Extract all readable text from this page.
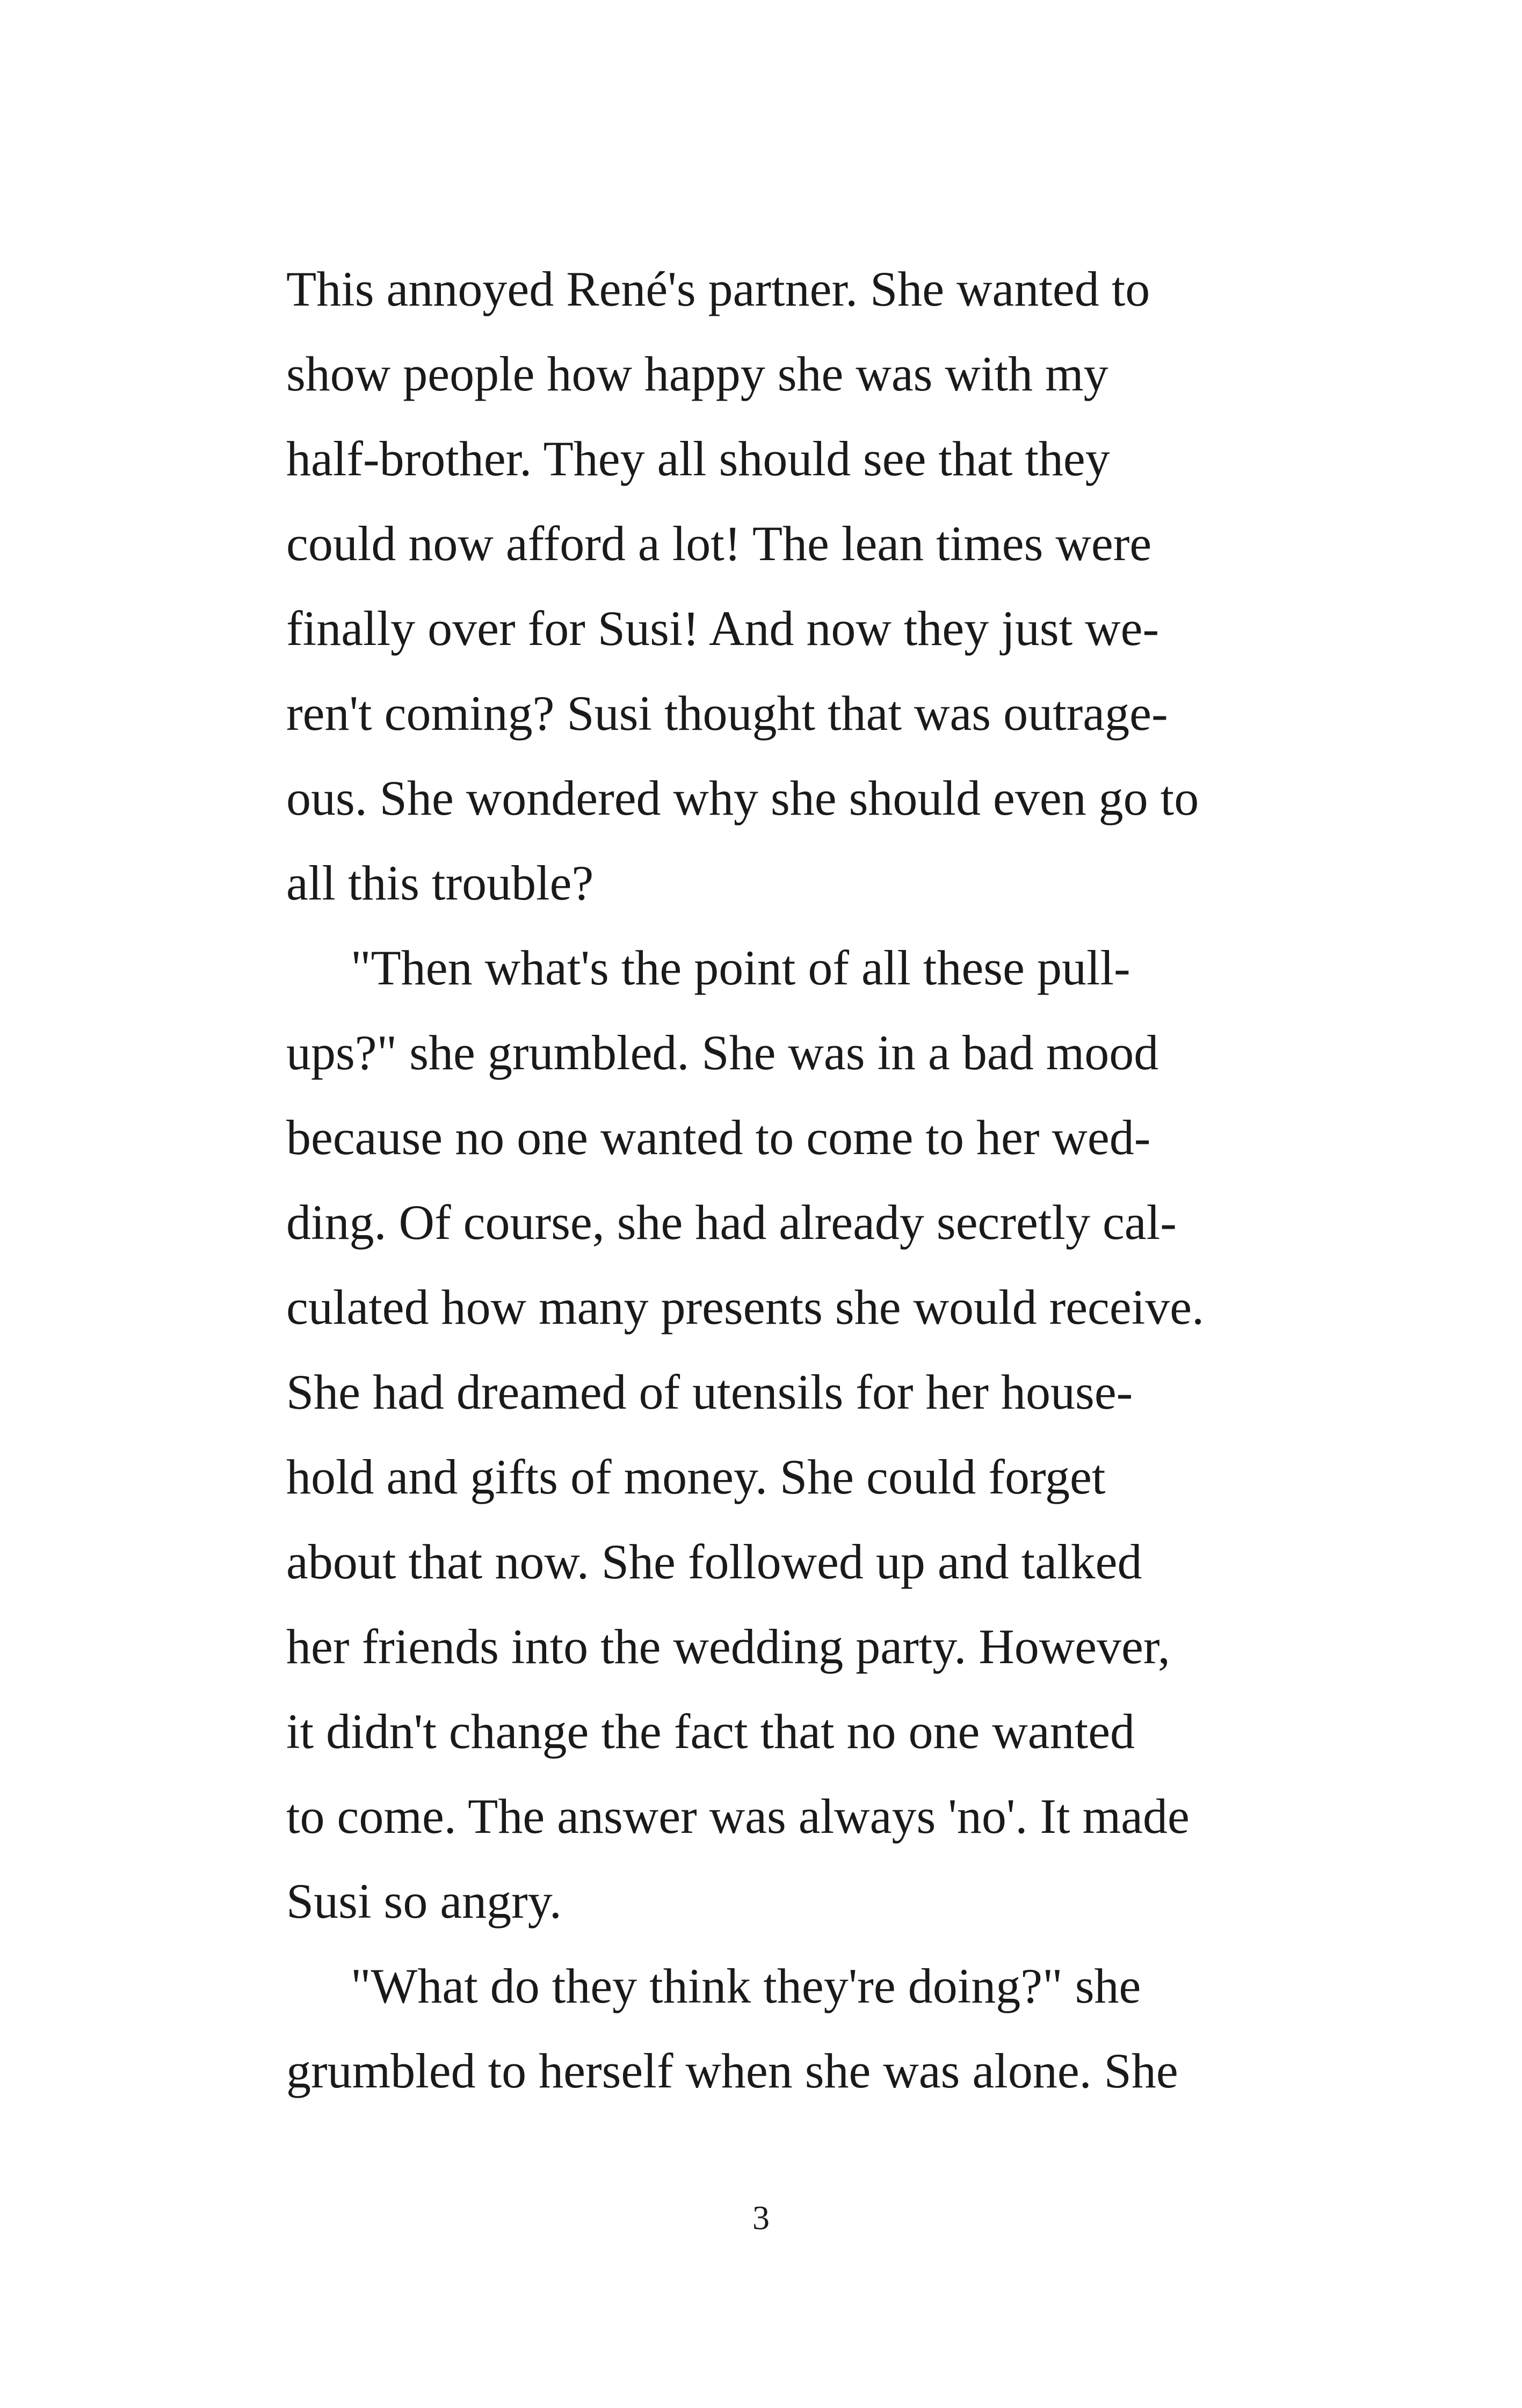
This annoyed René's partner. She wanted to
show people how happy she was with my
half-brother. They all should see that they
could now afford a lot! The lean times were
finally over for Susi! And now they just we-
ren't coming? Susi thought that was outrage-
ous. She wondered why she should even go to
all this trouble?
"Then what's the point of all these pull-
ups?" she grumbled. She was in a bad mood
because no one wanted to come to her wed-
ding. Of course, she had already secretly cal-
culated how many presents she would receive.
She had dreamed of utensils for her house-
hold and gifts of money. She could forget
about that now. She followed up and talked
her friends into the wedding party. However,
it didn't change the fact that no one wanted
to come. The answer was always 'no'. It made
Susi so angry.
"What do they think they're doing?" she
grumbled to herself when she was alone. She
3
